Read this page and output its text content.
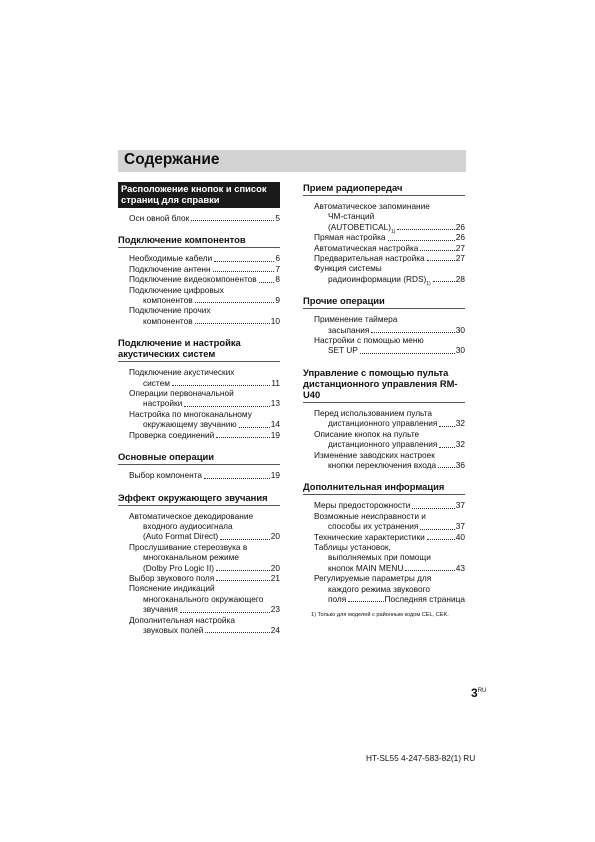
Содержание
Расположение кнопок и список страниц для справки
Осн овной блок	5
Подключение компонентов
Необходимые кабели	6
Подключение антенн	7
Подключение видеокомпонентов 8
Подключение цифровых
компонентов	9
Подключение прочих
компонентов	10
Подключение и настройка акустических систем
Подключение акустических
систем	11
Операции первоначальной
настройки	13
Настройка по многоканальному
окружающему звучанию	14
Проверка соединений	19
Основные операции
Выбор компонента	19
Эффект окружающего звучания
Автоматическое декодирование
входного аудиосигнала
(Auto Format Direct)	20
Прослушивание стереозвука в
многоканальном режиме
(Dolby Pro Logic II)	20
Выбор звукового поля	21
Пояснение индикаций
многоканального окружающего
звучания	23
Дополнительная настройка
звуковых полей	24
Прием радиопередач
Автоматическое запоминание
ЧМ-станций
(AUTOBETICAL)
1)
26
Прямая настройка	26
Автоматическая настройка	27
Предварительная настройка	27
Функция системы
радиоинформации (RDS)
1)
28
Прочие операции
Применение таймера
засыпания	30
Настройки с помощью меню
SET UP	30
Управление с помощью пульта дистанционного управления RM-U40
Перед использованием пульта
дистанционного управления 32
Описание кнопок на пульте
дистанционного управления 32
Изменение заводских настроек
кнопки переключения входа 36
Дополнительная информация
Меры предосторожности	37
Возможные неисправности и
способы их устранения	37
Технические характеристики	40
Таблицы установок,
выполняемых при помощи
кнопок MAIN MENU	43
Регулируемые параметры для
каждого режима звукового
поля	Последняя страница
1) Только для моделей с районным кодом CEL, CEK.
$3^{RU}$
HT-SL55 4-247-583-82(1) RU
